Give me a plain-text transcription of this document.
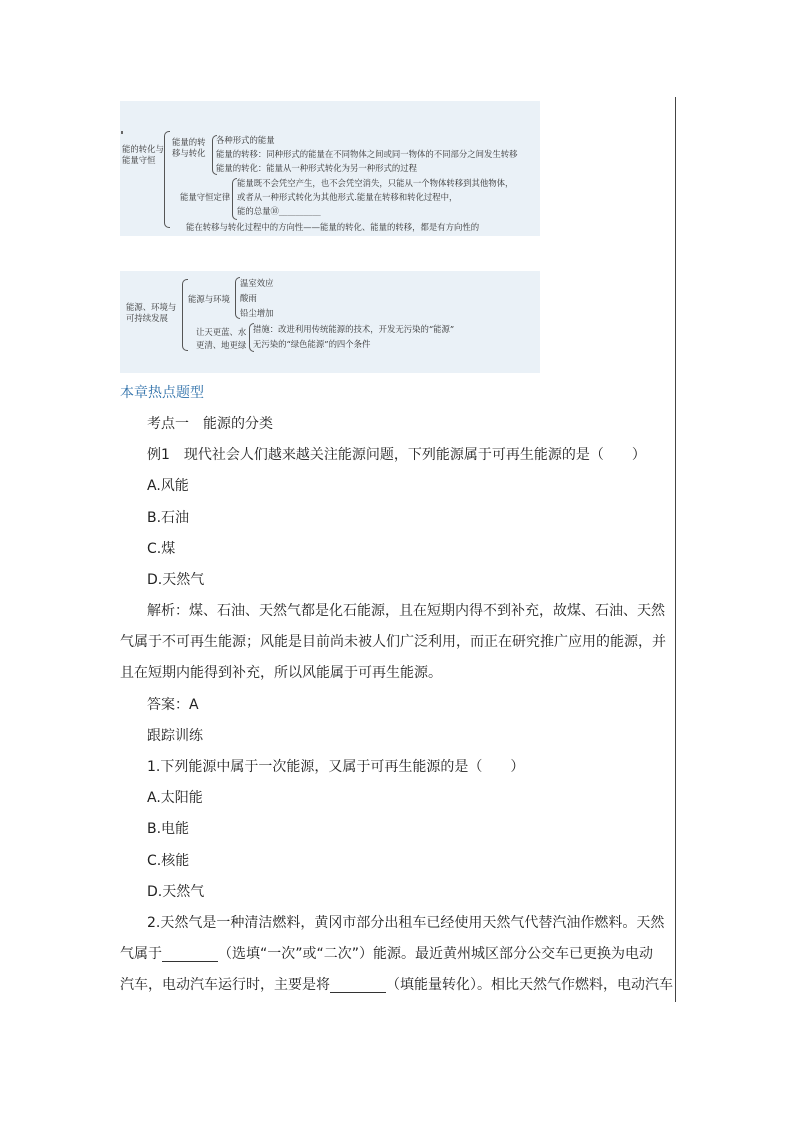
能的转化与
能量守恒
能量的转
移与转化
各种形式的能量
能量的转移：同种形式的能量在不同物体之间或同一物体的不同部分之间发生转移
能量的转化：能量从一种形式转化为另一种形式的过程
能量守恒定律
能量既不会凭空产生，也不会凭空消失，只能从一个物体转移到其他物体，
或者从一种形式转化为其他形式.能量在转移和转化过程中，
能的总量⑩__________
能在转移与转化过程中的方向性——能量的转化、能量的转移，都是有方向性的
能源、环境与
可持续发展
能源与环境
温室效应
酸雨
铅尘增加
让天更蓝、水
更清、地更绿
措施：改进利用传统能源的技术，开发无污染的“能源”
无污染的“绿色能源”的四个条件
本章热点题型
考点一　能源的分类
例1　现代社会人们越来越关注能源问题，下列能源属于可再生能源的是（　　）
A.风能
B.石油
C.煤
D.天然气
解析：煤、石油、天然气都是化石能源，且在短期内得不到补充，故煤、石油、天然
气属于不可再生能源；风能是目前尚未被人们广泛利用，而正在研究推广应用的能源，并
且在短期内能得到补充，所以风能属于可再生能源。
答案：A
跟踪训练
1.下列能源中属于一次能源，又属于可再生能源的是（　　）
A.太阳能
B.电能
C.核能
D.天然气
2.天然气是一种清洁燃料，黄冈市部分出租车已经使用天然气代替汽油作燃料。天然
气属于	（选填“一次”或“二次”）能源。最近黄州城区部分公交车已更换为电动
汽车，电动汽车运行时，主要是将	（填能量转化）。相比天然气作燃料，电动汽车
